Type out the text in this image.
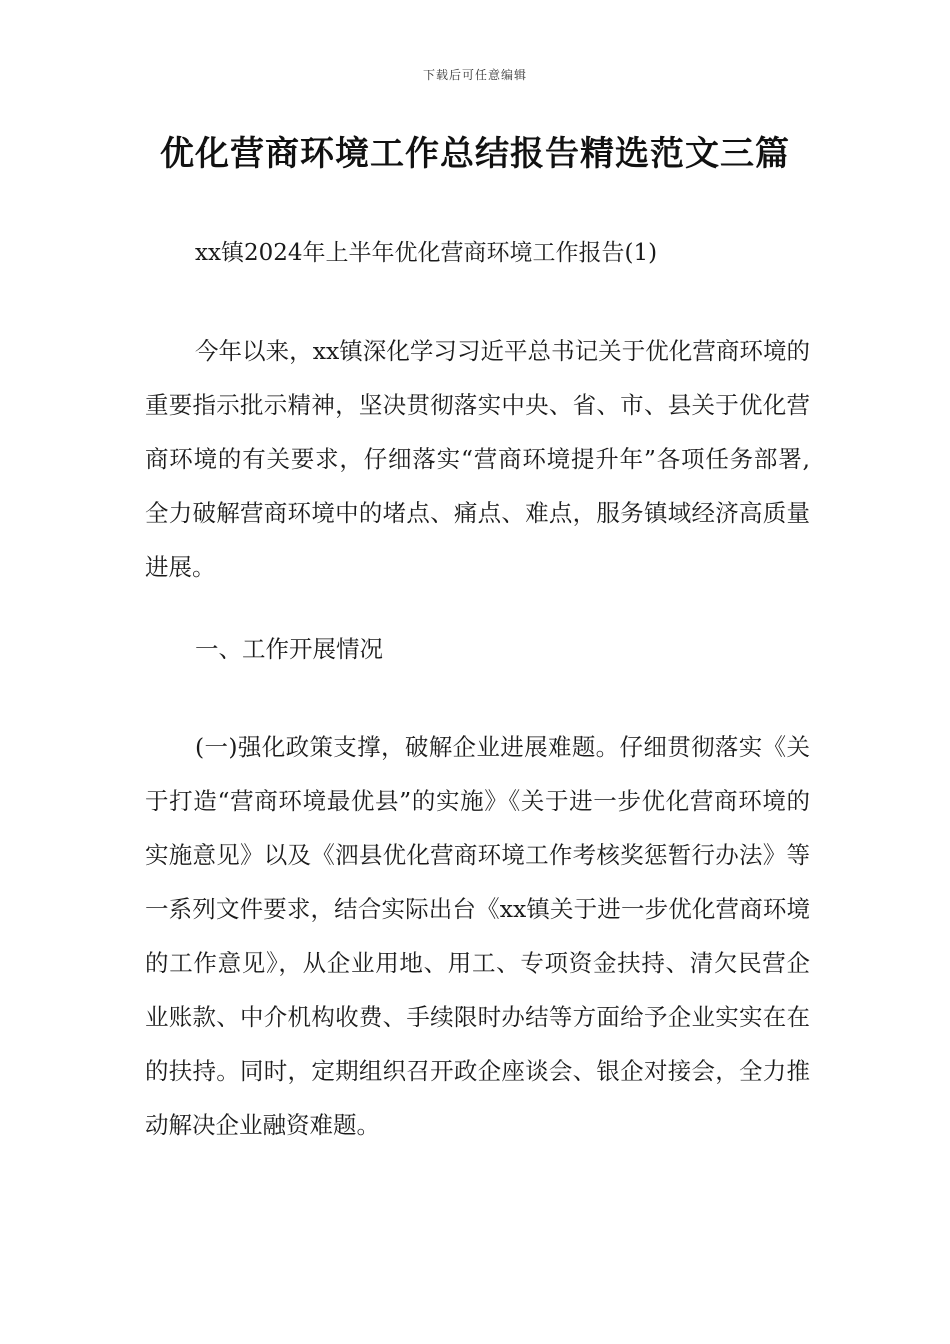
下载后可任意编辑
优化营商环境工作总结报告精选范文三篇
xx镇2024年上半年优化营商环境工作报告(1)

今年以来，xx镇深化学习习近平总书记关于优化营商环境的重要指示批示精神，坚决贯彻落实中央、省、市、县关于优化营商环境的有关要求，仔细落实“营商环境提升年”各项任务部署,全力破解营商环境中的堵点、痛点、难点，服务镇域经济高质量进展。

一、工作开展情况

(一)强化政策支撑，破解企业进展难题。仔细贯彻落实《关于打造“营商环境最优县”的实施》《关于进一步优化营商环境的实施意见》以及《泗县优化营商环境工作考核奖惩暂行办法》等一系列文件要求，结合实际出台《xx镇关于进一步优化营商环境的工作意见》，从企业用地、用工、专项资金扶持、清欠民营企业账款、中介机构收费、手续限时办结等方面给予企业实实在在的扶持。同时，定期组织召开政企座谈会、银企对接会，全力推动解决企业融资难题。
